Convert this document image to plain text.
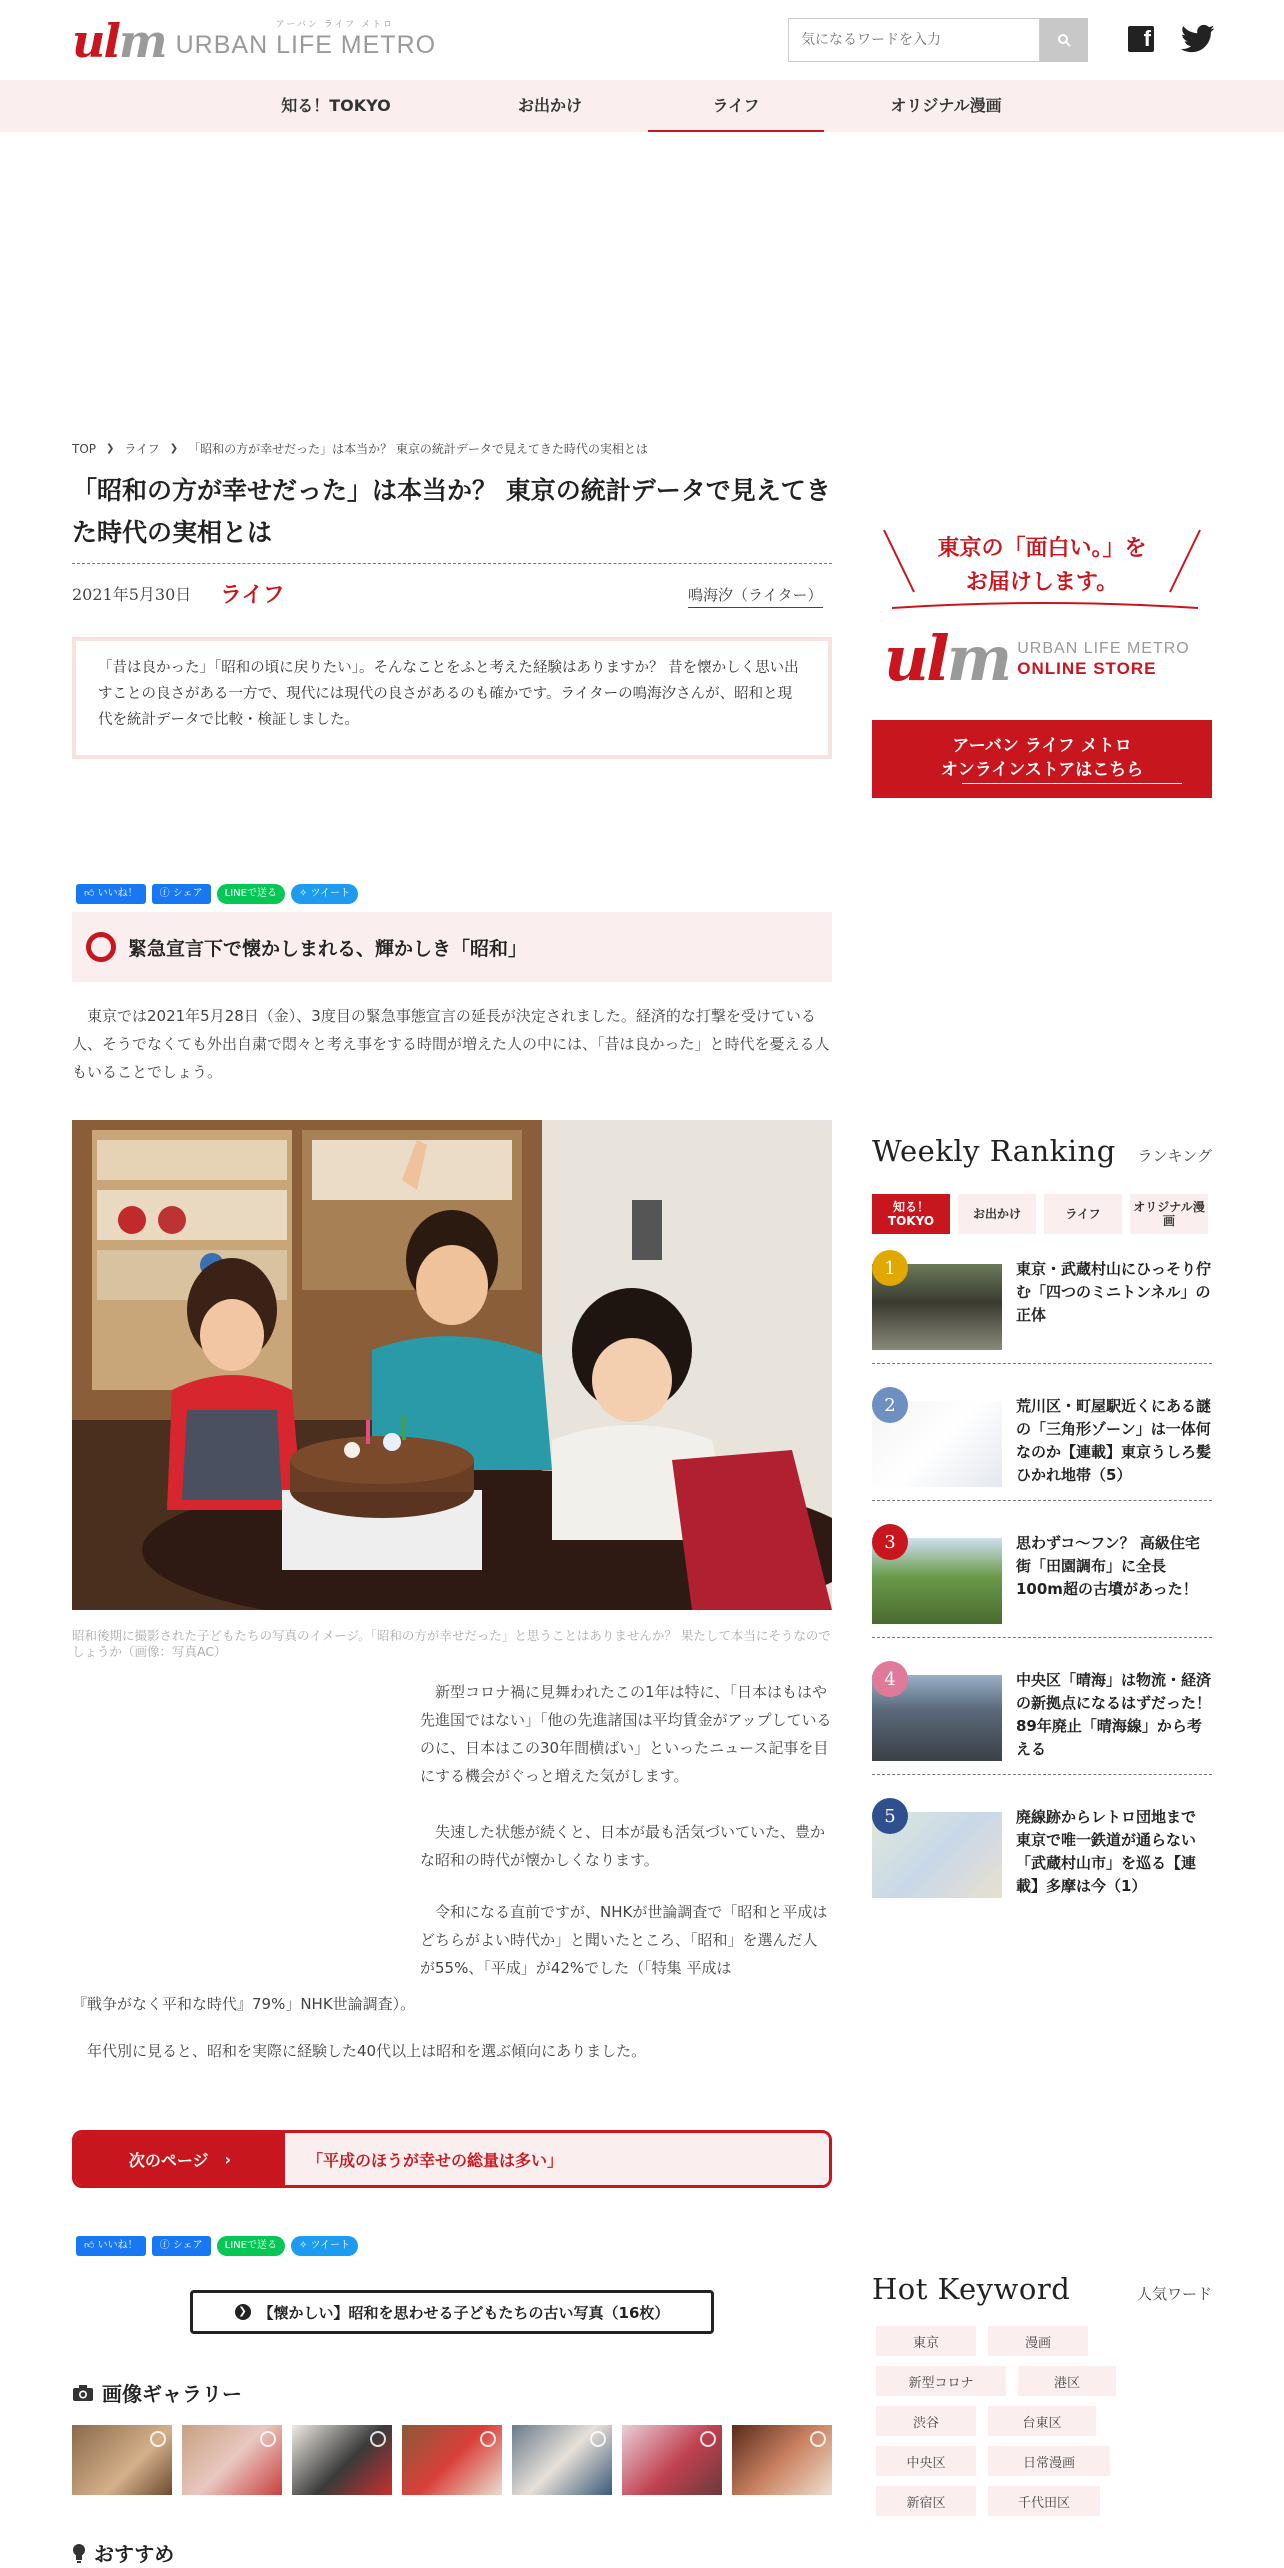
ulm	アーバン ライフ メトロ
URBAN LIFE METRO
気になるワードを入力	f
知る！TOKYO	お出かけ	ライフ	オリジナル漫画
TOP ❯ ライフ ❯ 「昭和の方が幸せだった」は本当か？ 東京の統計データで見えてきた時代の実相とは
「昭和の方が幸せだった」は本当か？ 東京の統計データで見えてきた時代の実相とは
2021年5月30日 ライフ	鳴海汐（ライター）
「昔は良かった」「昭和の頃に戻りたい」。そんなことをふと考えた経験はありますか？ 昔を懐かしく思い出すことの良さがある一方で、現代には現代の良さがあるのも確かです。ライターの鳴海汐さんが、昭和と現代を統計データで比較・検証しました。
👍︎ いいね！	ⓕ シェア	LINEで送る	✧ ツイート
緊急宣言下で懐かしまれる、輝かしき「昭和」

東京では2021年5月28日（金）、3度目の緊急事態宣言の延長が決定されました。経済的な打撃を受けている人、そうでなくても外出自粛で悶々と考え事をする時間が増えた人の中には、「昔は良かった」と時代を憂える人もいることでしょう。

昭和後期に撮影された子どもたちの写真のイメージ。「昭和の方が幸せだった」と思うことはありませんか？ 果たして本当にそうなのでしょうか（画像：写真AC）

新型コロナ禍に見舞われたこの1年は特に、「日本はもはや先進国ではない」「他の先進諸国は平均賃金がアップしているのに、日本はこの30年間横ばい」といったニュース記事を目にする機会がぐっと増えた気がします。

失速した状態が続くと、日本が最も活気づいていた、豊かな昭和の時代が懐かしくなります。

令和になる直前ですが、NHKが世論調査で「昭和と平成はどちらがよい時代か」と聞いたところ、「昭和」を選んだ人が55%、「平成」が42%でした（「特集 平成は

『戦争がなく平和な時代』79%」NHK世論調査）。

年代別に見ると、昭和を実際に経験した40代以上は昭和を選ぶ傾向にありました。

次のページ ›	「平成のほうが幸せの総量は多い」
👍︎ いいね！	ⓕ シェア	LINEで送る	✧ ツイート
❯ 【懐かしい】昭和を思わせる子どもたちの古い写真（16枚）
画像ギャラリー
おすすめ
東京の「面白い。」を
お届けします。
ulm URBAN LIFE METRO
ONLINE STORE
アーバン ライフ メトロ
オンラインストアはこちら
Weekly Ranking ランキング
知る！TOKYO	お出かけ	ライフ	オリジナル漫画
1	東京・武蔵村山にひっそり佇む「四つのミニトンネル」の正体
2	荒川区・町屋駅近くにある謎の「三角形ゾーン」は一体何なのか【連載】東京うしろ髪ひかれ地帯（5）
3	思わずコ～フン？ 高級住宅街「田園調布」に全長100m超の古墳があった！
4	中央区「晴海」は物流・経済の新拠点になるはずだった！ 89年廃止「晴海線」から考える
5	廃線跡からレトロ団地まで 東京で唯一鉄道が通らない「武蔵村山市」を巡る【連載】多摩は今（1）
Hot Keyword	人気ワード
東京	漫画
新型コロナ	港区
渋谷	台東区
中央区	日常漫画
新宿区	千代田区
